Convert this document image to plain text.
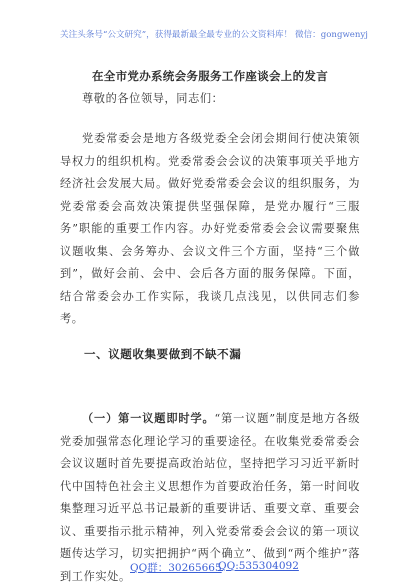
关注头条号“公文研究”，获得最新最全最专业的公文资料库！ 微信：gongwenyj
在全市党办系统会务服务工作座谈会上的发言

尊敬的各位领导，同志们：

党委常委会是地方各级党委全会闭会期间行使决策领导权力的组织机构。党委常委会会议的决策事项关乎地方经济社会发展大局。做好党委常委会会议的组织服务，为党委常委会高效决策提供坚强保障，是党办履行“三服务”职能的重要工作内容。办好党委常委会会议需要聚焦议题收集、会务筹办、会议文件三个方面，坚持“三个做到”，做好会前、会中、会后各方面的服务保障。下面，结合常委会办工作实际，我谈几点浅见，以供同志们参考。

一、议题收集要做到不缺不漏

（一）第一议题即时学。“第一议题”制度是地方各级党委加强常态化理论学习的重要途径。在收集党委常委会会议议题时首先要提高政治站位，坚持把学习习近平新时代中国特色社会主义思想作为首要政治任务，第一时间收集整理习近平总书记最新的重要讲话、重要文章、重要会议、重要指示批示精神，列入党委常委会会议的第一项议题传达学习，切实把拥护“两个确立”、做到“两个维护”落到工作实处。

QQ群：30265665
QQ:535304092
